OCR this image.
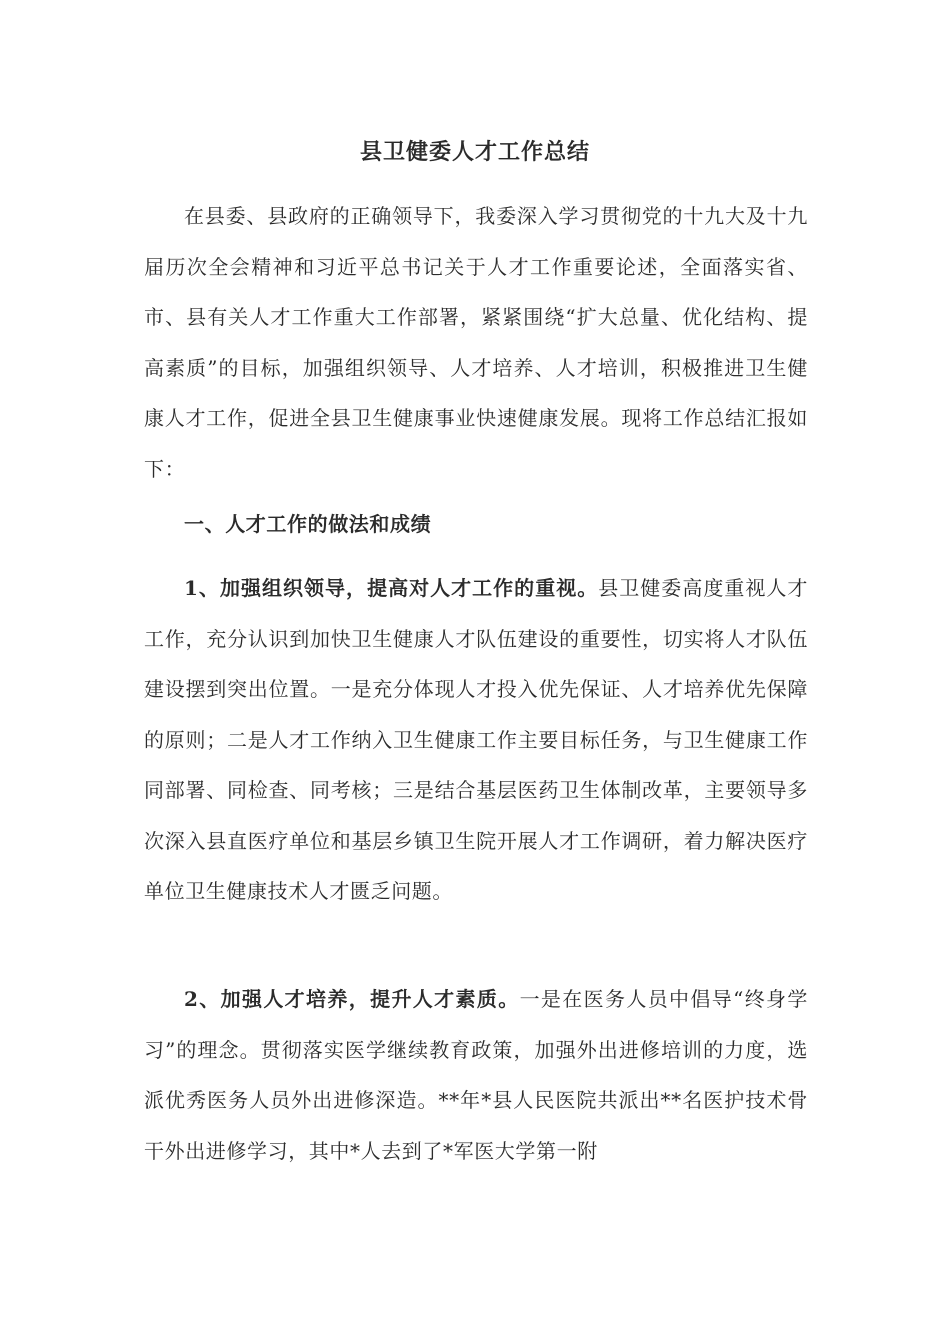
县卫健委人才工作总结

在县委、县政府的正确领导下，我委深入学习贯彻党的十九大及十九届历次全会精神和习近平总书记关于人才工作重要论述，全面落实省、市、县有关人才工作重大工作部署，紧紧围绕“扩大总量、优化结构、提高素质”的目标，加强组织领导、人才培养、人才培训，积极推进卫生健康人才工作，促进全县卫生健康事业快速健康发展。现将工作总结汇报如下：

一、人才工作的做法和成绩

1、加强组织领导，提高对人才工作的重视。县卫健委高度重视人才工作，充分认识到加快卫生健康人才队伍建设的重要性，切实将人才队伍建设摆到突出位置。一是充分体现人才投入优先保证、人才培养优先保障的原则；二是人才工作纳入卫生健康工作主要目标任务，与卫生健康工作同部署、同检查、同考核；三是结合基层医药卫生体制改革，主要领导多次深入县直医疗单位和基层乡镇卫生院开展人才工作调研，着力解决医疗单位卫生健康技术人才匮乏问题。

2、加强人才培养，提升人才素质。一是在医务人员中倡导“终身学习”的理念。贯彻落实医学继续教育政策，加强外出进修培训的力度，选派优秀医务人员外出进修深造。**年*县人民医院共派出**名医护技术骨干外出进修学习，其中*人去到了*军医大学第一附
